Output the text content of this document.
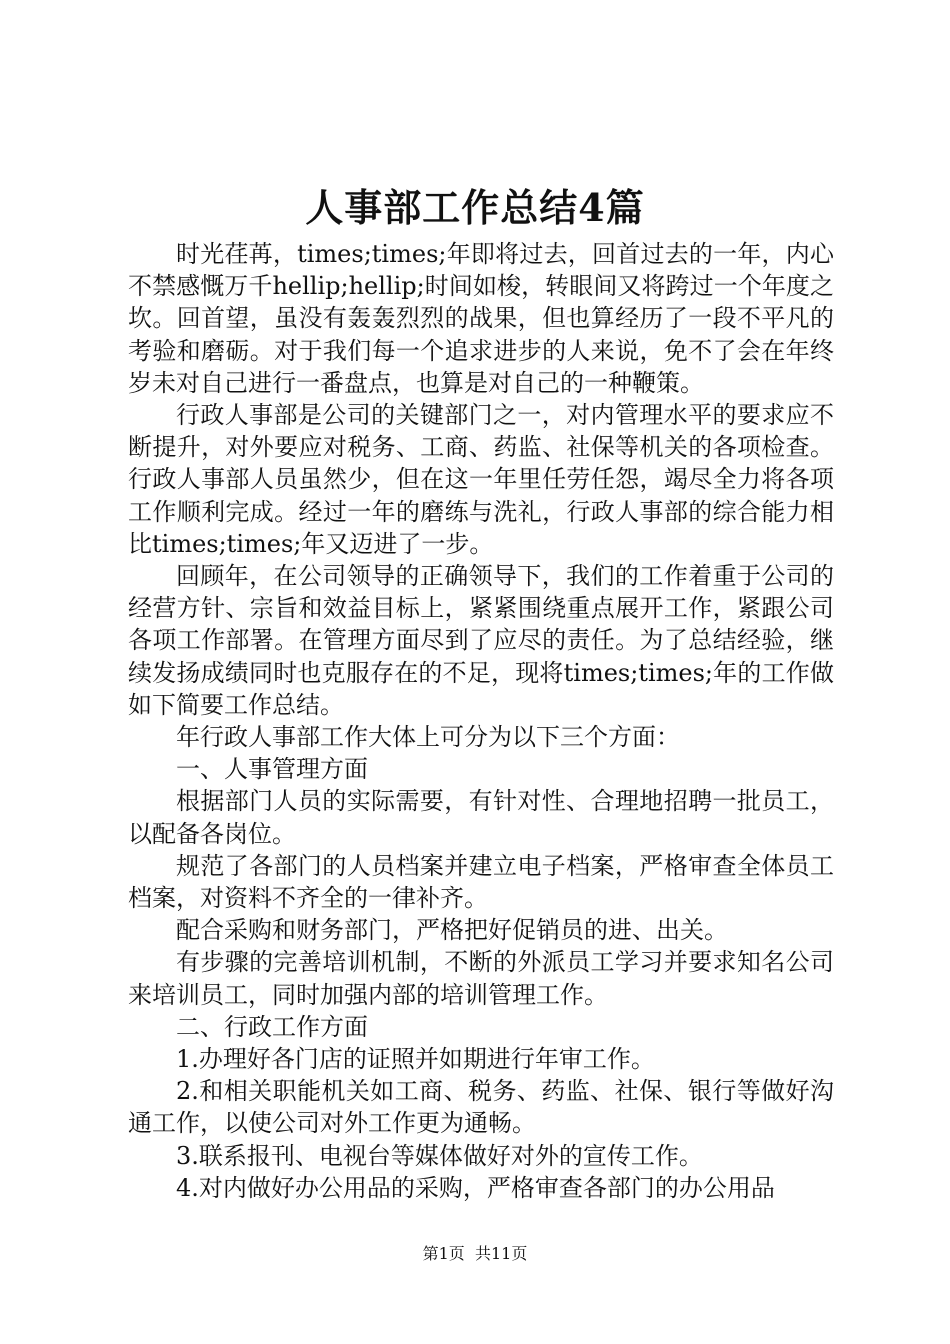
人事部工作总结4篇

时光荏苒，times;times;年即将过去，回首过去的一年，内心不禁感慨万千hellip;hellip;时间如梭，转眼间又将跨过一个年度之坎。回首望，虽没有轰轰烈烈的战果，但也算经历了一段不平凡的考验和磨砺。对于我们每一个追求进步的人来说，免不了会在年终岁未对自己进行一番盘点，也算是对自己的一种鞭策。

行政人事部是公司的关键部门之一，对内管理水平的要求应不断提升，对外要应对税务、工商、药监、社保等机关的各项检查。行政人事部人员虽然少，但在这一年里任劳任怨，竭尽全力将各项工作顺利完成。经过一年的磨练与洗礼，行政人事部的综合能力相比times;times;年又迈进了一步。

回顾年，在公司领导的正确领导下，我们的工作着重于公司的经营方针、宗旨和效益目标上，紧紧围绕重点展开工作，紧跟公司各项工作部署。在管理方面尽到了应尽的责任。为了总结经验，继续发扬成绩同时也克服存在的不足，现将times;times;年的工作做如下简要工作总结。

年行政人事部工作大体上可分为以下三个方面：

一、人事管理方面

根据部门人员的实际需要，有针对性、合理地招聘一批员工，以配备各岗位。

规范了各部门的人员档案并建立电子档案，严格审查全体员工档案，对资料不齐全的一律补齐。

配合采购和财务部门，严格把好促销员的进、出关。

有步骤的完善培训机制，不断的外派员工学习并要求知名公司来培训员工，同时加强内部的培训管理工作。

二、行政工作方面

1.办理好各门店的证照并如期进行年审工作。

2.和相关职能机关如工商、税务、药监、社保、银行等做好沟通工作，以使公司对外工作更为通畅。

3.联系报刊、电视台等媒体做好对外的宣传工作。

4.对内做好办公用品的采购，严格审查各部门的办公用品

第1页 共11页
